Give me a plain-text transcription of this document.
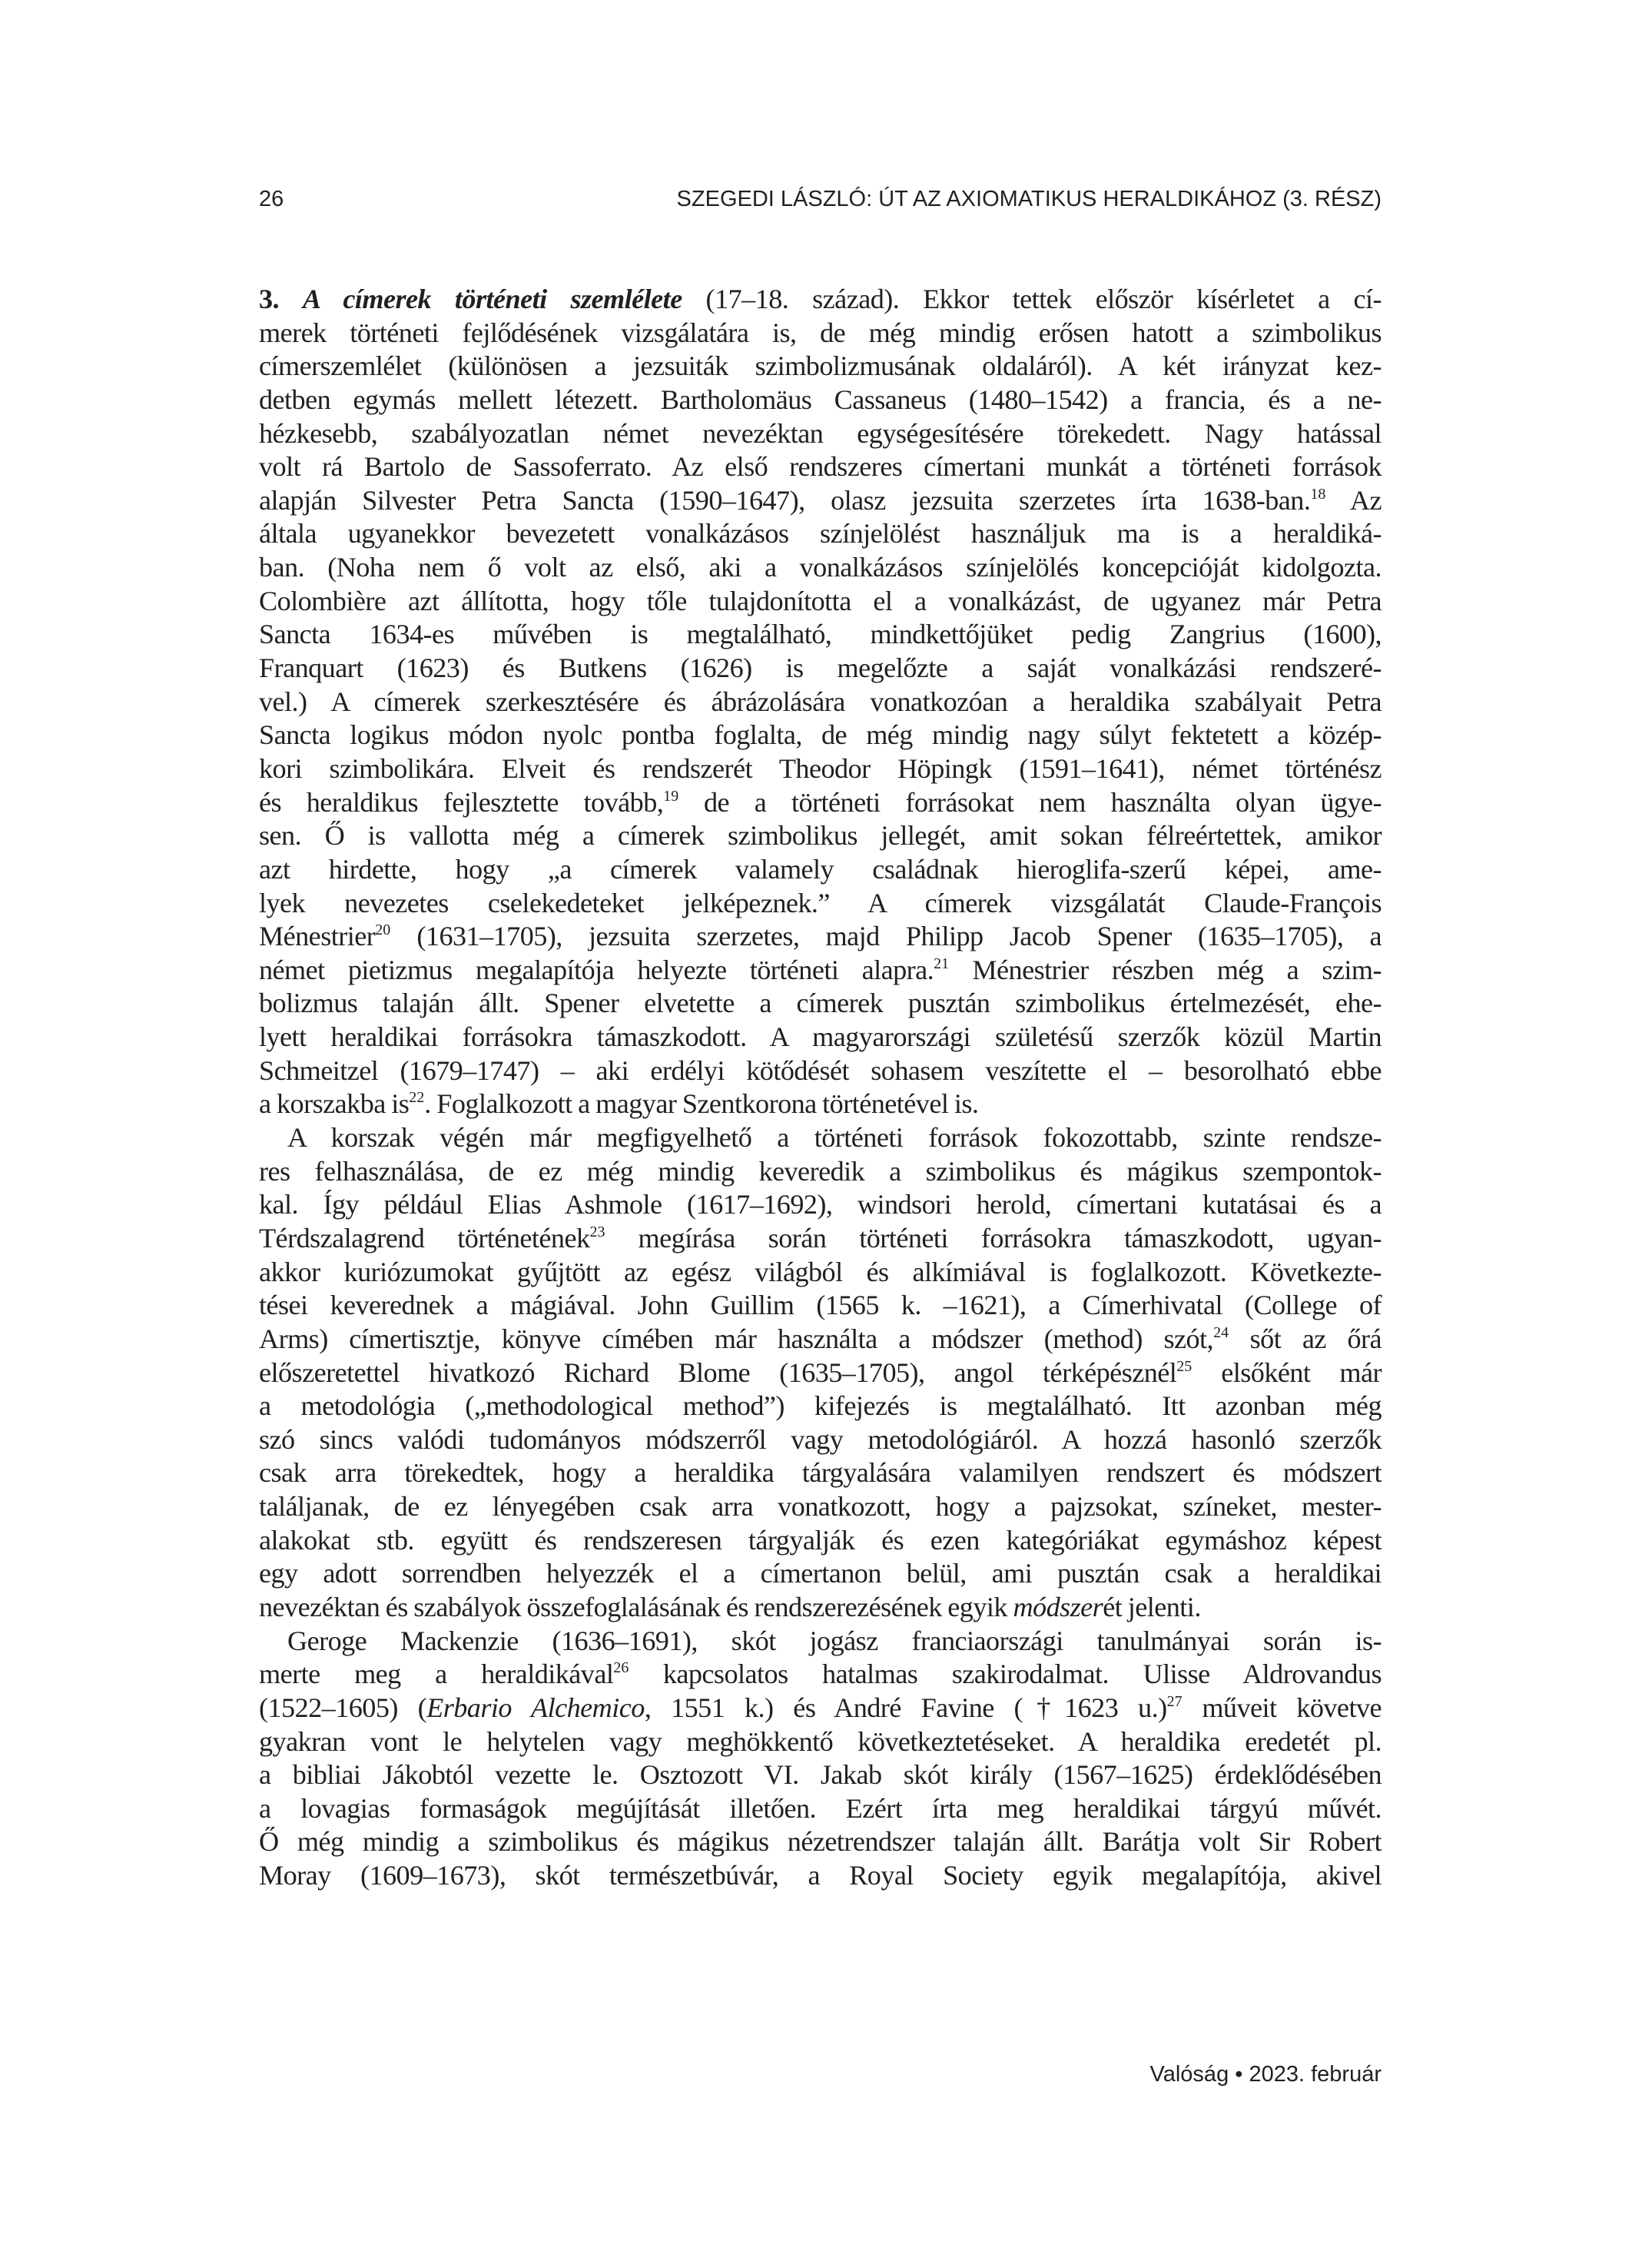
26	SZEGEDI LÁSZLÓ: ÚT AZ AXIOMATIKUS HERALDIKÁHOZ (3. RÉSZ)
3. A címerek történeti szemlélete (17–18. század). Ekkor tettek először kísérletet a cí-
merek történeti fejlődésének vizsgálatára is, de még mindig erősen hatott a szimbolikus
címerszemlélet (különösen a jezsuiták szimbolizmusának oldaláról). A két irányzat kez-
detben egymás mellett létezett. Bartholomäus Cassaneus (1480–1542) a francia, és a ne-
hézkesebb, szabályozatlan német nevezéktan egységesítésére törekedett. Nagy hatással
volt rá Bartolo de Sassoferrato. Az első rendszeres címertani munkát a történeti források
alapján Silvester Petra Sancta (1590–1647), olasz jezsuita szerzetes írta 1638-ban.$^{18}$ Az
általa ugyanekkor bevezetett vonalkázásos színjelölést használjuk ma is a heraldiká-
ban. (Noha nem ő volt az első, aki a vonalkázásos színjelölés koncepcióját kidolgozta.
Colombière azt állította, hogy tőle tulajdonította el a vonalkázást, de ugyanez már Petra
Sancta 1634-es művében is megtalálható, mindkettőjüket pedig Zangrius (1600),
Franquart (1623) és Butkens (1626) is megelőzte a saját vonalkázási rendszeré-
vel.) A címerek szerkesztésére és ábrázolására vonatkozóan a heraldika szabályait Petra
Sancta logikus módon nyolc pontba foglalta, de még mindig nagy súlyt fektetett a közép-
kori szimbolikára. Elveit és rendszerét Theodor Höpingk (1591–1641), német történész
és heraldikus fejlesztette tovább,$^{19}$ de a történeti forrásokat nem használta olyan ügye-
sen. Ő is vallotta még a címerek szimbolikus jellegét, amit sokan félreértettek, amikor
azt hirdette, hogy „a címerek valamely családnak hieroglifa-szerű képei, ame-
lyek nevezetes cselekedeteket jelképeznek.” A címerek vizsgálatát Claude-François
Ménestrier$^{20}$ (1631–1705), jezsuita szerzetes, majd Philipp Jacob Spener (1635–1705), a
német pietizmus megalapítója helyezte történeti alapra.$^{21}$ Ménestrier részben még a szim-
bolizmus talaján állt. Spener elvetette a címerek pusztán szimbolikus értelmezését, ehe-
lyett heraldikai forrásokra támaszkodott. A magyarországi születésű szerzők közül Martin
Schmeitzel (1679–1747) – aki erdélyi kötődését sohasem veszítette el – besorolható ebbe
a korszakba $is^{22}$. Foglalkozott a magyar Szentkorona történetével is.
A korszak végén már megfigyelhető a történeti források fokozottabb, szinte rendsze-
res felhasználása, de ez még mindig keveredik a szimbolikus és mágikus szempontok-
kal. Így például Elias Ashmole (1617–1692), windsori herold, címertani kutatásai és a
Térdszalagrend történetének$^{23}$ megírása során történeti forrásokra támaszkodott, ugyan-
akkor kuriózumokat gyűjtött az egész világból és alkímiával is foglalkozott. Következte-
tései keverednek a mágiával. John Guillim (1565 k. –1621), a Címerhivatal (College of
Arms) címertisztje, könyve címében már használta a módszer (method) szót,$^{24}$ sőt az őrá
előszeretettel hivatkozó Richard Blome (1635–1705), angol térképésznél$^{25}$ elsőként már
a metodológia („methodological method”) kifejezés is megtalálható. Itt azonban még
szó sincs valódi tudományos módszerről vagy metodológiáról. A hozzá hasonló szerzők
csak arra törekedtek, hogy a heraldika tárgyalására valamilyen rendszert és módszert
találjanak, de ez lényegében csak arra vonatkozott, hogy a pajzsokat, színeket, mester-
alakokat stb. együtt és rendszeresen tárgyalják és ezen kategóriákat egymáshoz képest
egy adott sorrendben helyezzék el a címertanon belül, ami pusztán csak a heraldikai
nevezéktan és szabályok összefoglalásának és rendszerezésének egyik módszerét jelenti.
Geroge Mackenzie (1636–1691), skót jogász franciaországi tanulmányai során is-
merte meg a heraldikával$^{26}$ kapcsolatos hatalmas szakirodalmat. Ulisse Aldrovandus
(1522–1605) (Erbario Alchemico, 1551 k.) és André Favine (†1623 u.)$^{27}$ műveit követve
gyakran vont le helytelen vagy meghökkentő következtetéseket. A heraldika eredetét pl.
a bibliai Jákobtól vezette le. Osztozott VI. Jakab skót király (1567–1625) érdeklődésében
a lovagias formaságok megújítását illetően. Ezért írta meg heraldikai tárgyú művét.
Ő még mindig a szimbolikus és mágikus nézetrendszer talaján állt. Barátja volt Sir Robert
Moray (1609–1673), skót természetbúvár, a Royal Society egyik megalapítója, akivel
Valóság • 2023. február
